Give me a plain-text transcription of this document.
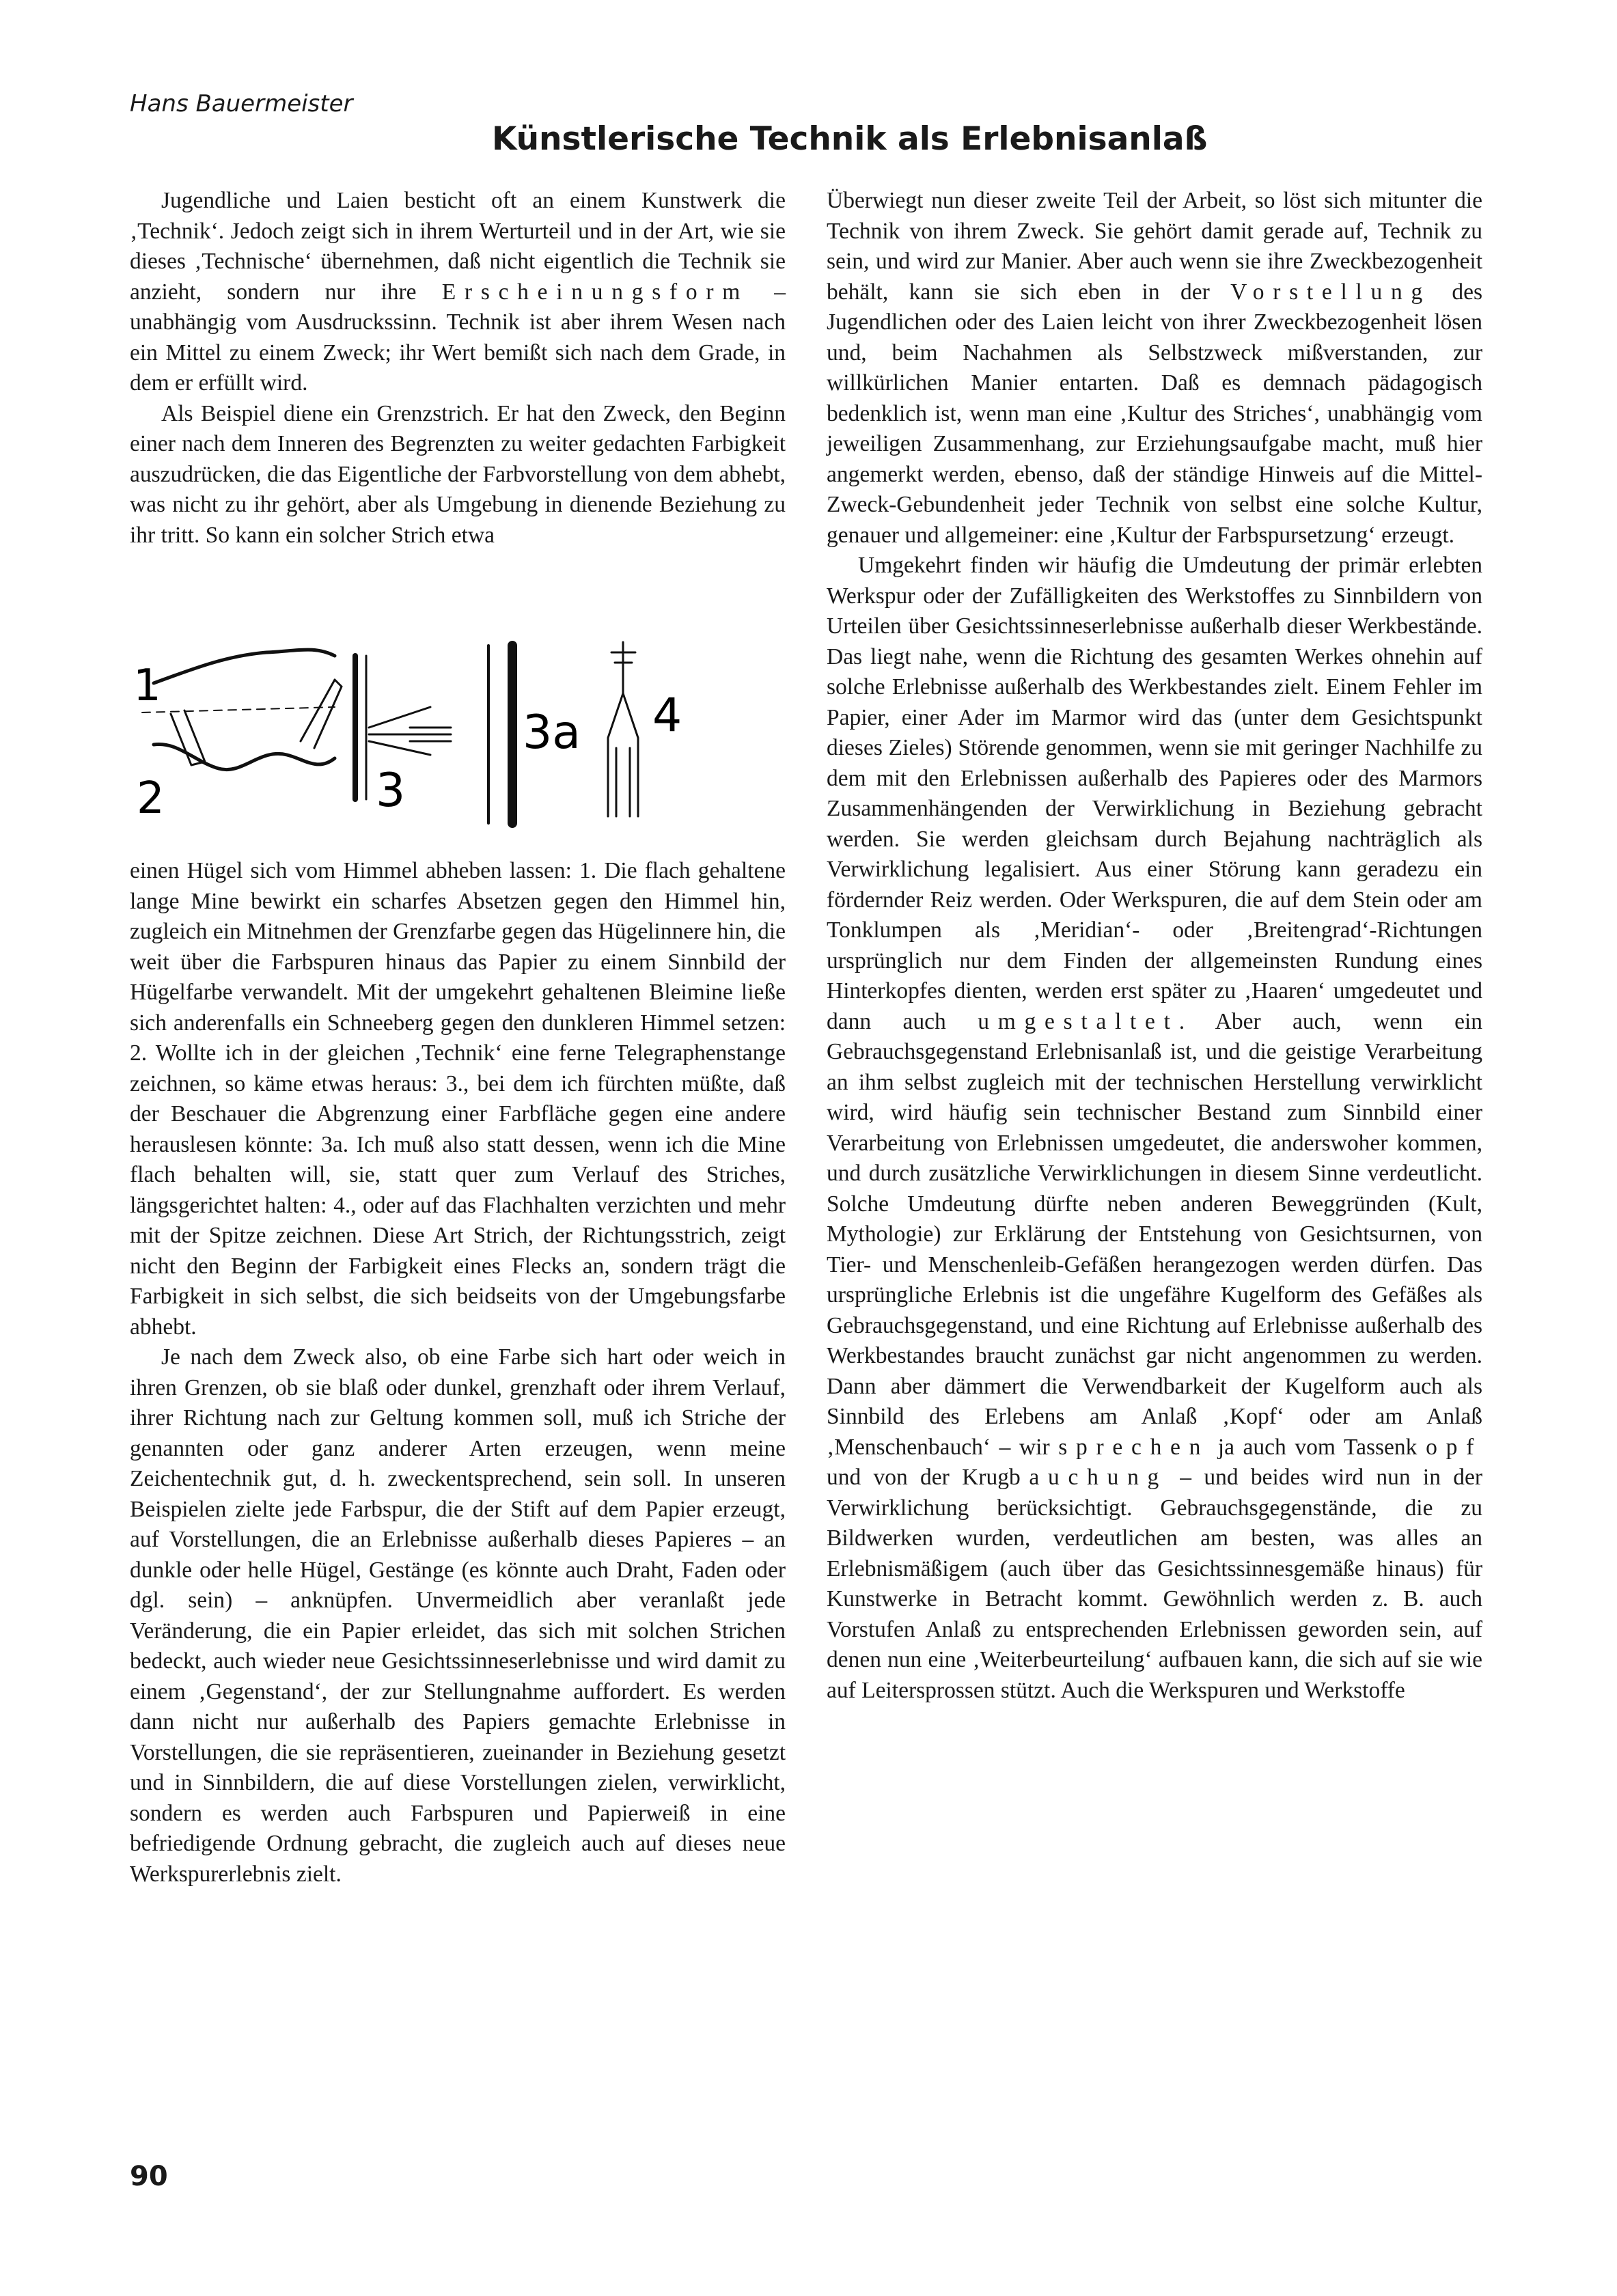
Hans Bauermeister
Künstlerische Technik als Erlebnisanlaß

Jugendliche und Laien besticht oft an einem Kunstwerk die ‚Technik‘. Jedoch zeigt sich in ihrem Werturteil und in der Art, wie sie dieses ‚Technische‘ übernehmen, daß nicht eigentlich die Technik sie anzieht, sondern nur ihre Erscheinungsform – unabhängig vom Ausdruckssinn. Technik ist aber ihrem Wesen nach ein Mittel zu einem Zweck; ihr Wert bemißt sich nach dem Grade, in dem er erfüllt wird.

Als Beispiel diene ein Grenzstrich. Er hat den Zweck, den Beginn einer nach dem Inneren des Begrenzten zu weiter gedachten Farbigkeit auszudrücken, die das Eigentliche der Farbvorstellung von dem abhebt, was nicht zu ihr gehört, aber als Umgebung in dienende Beziehung zu ihr tritt. So kann ein solcher Strich etwa

1
2	3
3a 4

einen Hügel sich vom Himmel abheben lassen: 1. Die flach gehaltene lange Mine bewirkt ein scharfes Absetzen gegen den Himmel hin, zugleich ein Mitnehmen der Grenzfarbe gegen das Hügelinnere hin, die weit über die Farbspuren hinaus das Papier zu einem Sinnbild der Hügelfarbe verwandelt. Mit der umgekehrt gehaltenen Bleimine ließe sich anderenfalls ein Schneeberg gegen den dunkleren Himmel setzen: 2. Wollte ich in der gleichen ‚Technik‘ eine ferne Telegraphenstange zeichnen, so käme etwas heraus: 3., bei dem ich fürchten müßte, daß der Beschauer die Abgrenzung einer Farbfläche gegen eine andere herauslesen könnte: 3a. Ich muß also statt dessen, wenn ich die Mine flach behalten will, sie, statt quer zum Verlauf des Striches, längsgerichtet halten: 4., oder auf das Flachhalten verzichten und mehr mit der Spitze zeichnen. Diese Art Strich, der Richtungsstrich, zeigt nicht den Beginn der Farbigkeit eines Flecks an, sondern trägt die Farbigkeit in sich selbst, die sich beidseits von der Umgebungsfarbe abhebt.

Je nach dem Zweck also, ob eine Farbe sich hart oder weich in ihren Grenzen, ob sie blaß oder dunkel, grenzhaft oder ihrem Verlauf, ihrer Richtung nach zur Geltung kommen soll, muß ich Striche der genannten oder ganz anderer Arten erzeugen, wenn meine Zeichentechnik gut, d. h. zweckentsprechend, sein soll. In unseren Beispielen zielte jede Farbspur, die der Stift auf dem Papier erzeugt, auf Vorstellungen, die an Erlebnisse außerhalb dieses Papieres – an dunkle oder helle Hügel, Gestänge (es könnte auch Draht, Faden oder dgl. sein) – anknüpfen. Unvermeidlich aber veranlaßt jede Veränderung, die ein Papier erleidet, das sich mit solchen Strichen bedeckt, auch wieder neue Gesichtssinneserlebnisse und wird damit zu einem ‚Gegenstand‘, der zur Stellungnahme auffordert. Es werden dann nicht nur außerhalb des Papiers gemachte Erlebnisse in Vorstellungen, die sie repräsentieren, zueinander in Beziehung gesetzt und in Sinnbildern, die auf diese Vorstellungen zielen, verwirklicht, sondern es werden auch Farbspuren und Papierweiß in eine befriedigende Ordnung gebracht, die zugleich auch auf dieses neue Werkspurerlebnis zielt.

Überwiegt nun dieser zweite Teil der Arbeit, so löst sich mitunter die Technik von ihrem Zweck. Sie gehört damit gerade auf, Technik zu sein, und wird zur Manier. Aber auch wenn sie ihre Zweckbezogenheit behält, kann sie sich eben in der Vorstellung des Jugendlichen oder des Laien leicht von ihrer Zweckbezogenheit lösen und, beim Nachahmen als Selbstzweck mißverstanden, zur willkürlichen Manier entarten. Daß es demnach pädagogisch bedenklich ist, wenn man eine ‚Kultur des Striches‘, unabhängig vom jeweiligen Zusammenhang, zur Erziehungsaufgabe macht, muß hier angemerkt werden, ebenso, daß der ständige Hinweis auf die Mittel-Zweck-Gebundenheit jeder Technik von selbst eine solche Kultur, genauer und allgemeiner: eine ‚Kultur der Farbspursetzung‘ erzeugt.

Umgekehrt finden wir häufig die Umdeutung der primär erlebten Werkspur oder der Zufälligkeiten des Werkstoffes zu Sinnbildern von Urteilen über Gesichtssinneserlebnisse außerhalb dieser Werkbestände. Das liegt nahe, wenn die Richtung des gesamten Werkes ohnehin auf solche Erlebnisse außerhalb des Werkbestandes zielt. Einem Fehler im Papier, einer Ader im Marmor wird das (unter dem Gesichtspunkt dieses Zieles) Störende genommen, wenn sie mit geringer Nachhilfe zu dem mit den Erlebnissen außerhalb des Papieres oder des Marmors Zusammenhängenden der Verwirklichung in Beziehung gebracht werden. Sie werden gleichsam durch Bejahung nachträglich als Verwirklichung legalisiert. Aus einer Störung kann geradezu ein fördernder Reiz werden. Oder Werkspuren, die auf dem Stein oder am Tonklumpen als ‚Meridian‘- oder ‚Breitengrad‘-Richtungen ursprünglich nur dem Finden der allgemeinsten Rundung eines Hinterkopfes dienten, werden erst später zu ‚Haaren‘ umgedeutet und dann auch umgestaltet. Aber auch, wenn ein Gebrauchsgegenstand Erlebnisanlaß ist, und die geistige Verarbeitung an ihm selbst zugleich mit der technischen Herstellung verwirklicht wird, wird häufig sein technischer Bestand zum Sinnbild einer Verarbeitung von Erlebnissen umgedeutet, die anderswoher kommen, und durch zusätzliche Verwirklichungen in diesem Sinne verdeutlicht. Solche Umdeutung dürfte neben anderen Beweggründen (Kult, Mythologie) zur Erklärung der Entstehung von Gesichtsurnen, von Tier- und Menschenleib-Gefäßen herangezogen werden dürfen. Das ursprüngliche Erlebnis ist die ungefähre Kugelform des Gefäßes als Gebrauchsgegenstand, und eine Richtung auf Erlebnisse außerhalb des Werkbestandes braucht zunächst gar nicht angenommen zu werden. Dann aber dämmert die Verwendbarkeit der Kugelform auch als Sinnbild des Erlebens am Anlaß ‚Kopf‘ oder am Anlaß ‚Menschenbauch‘ – wir sprechen ja auch vom Tassenkopf und von der Krugbauchung – und beides wird nun in der Verwirklichung berücksichtigt. Gebrauchsgegenstände, die zu Bildwerken wurden, verdeutlichen am besten, was alles an Erlebnismäßigem (auch über das Gesichtssinnesgemäße hinaus) für Kunstwerke in Betracht kommt. Gewöhnlich werden z. B. auch Vorstufen Anlaß zu entsprechenden Erlebnissen geworden sein, auf denen nun eine ‚Weiterbeurteilung‘ aufbauen kann, die sich auf sie wie auf Leitersprossen stützt. Auch die Werkspuren und Werkstoffe

90
